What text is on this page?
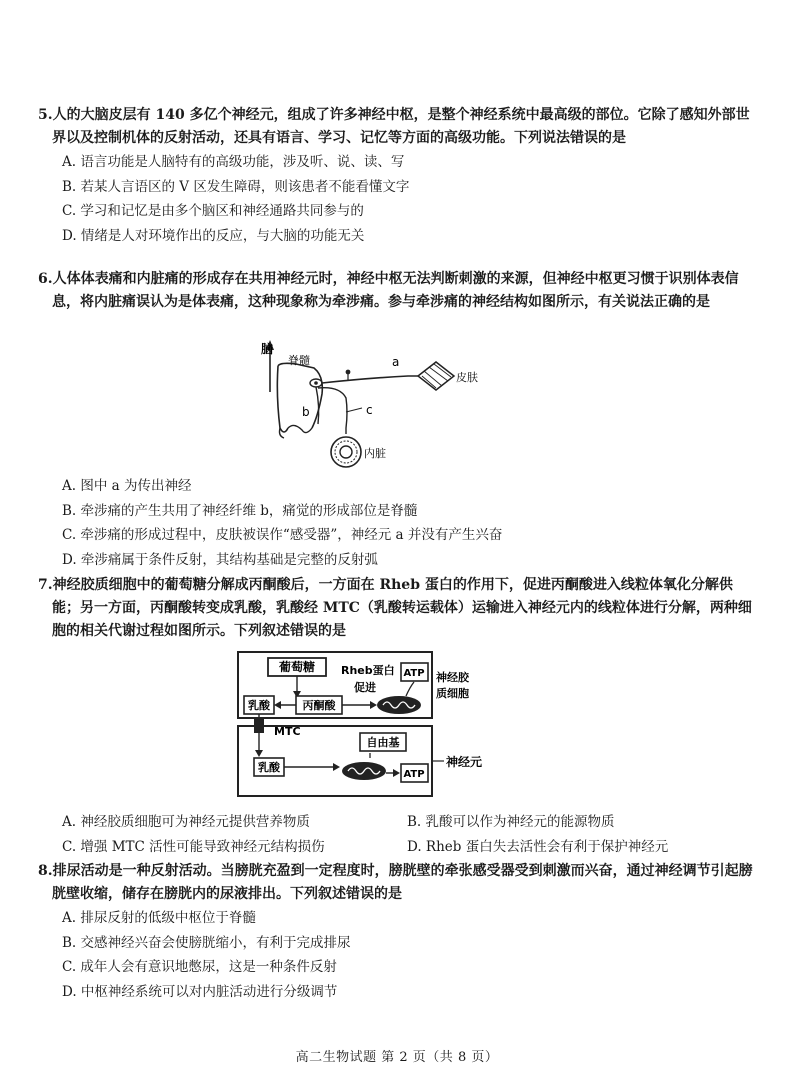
5.人的大脑皮层有 140 多亿个神经元，组成了许多神经中枢，是整个神经系统中最高级的部位。它除了感知外部世界以及控制机体的反射活动，还具有语言、学习、记忆等方面的高级功能。下列说法错误的是

A. 语言功能是人脑特有的高级功能，涉及听、说、读、写

B. 若某人言语区的 V 区发生障碍，则该患者不能看懂文字

C. 学习和记忆是由多个脑区和神经通路共同参与的

D. 情绪是人对环境作出的反应，与大脑的功能无关

6.人体体表痛和内脏痛的形成存在共用神经元时，神经中枢无法判断刺激的来源，但神经中枢更习惯于识别体表信息，将内脏痛误认为是体表痛，这种现象称为牵涉痛。参与牵涉痛的神经结构如图所示，有关说法正确的是

脑
脊髓	a
皮肤
b	c
内脏

A. 图中 a 为传出神经

B. 牵涉痛的产生共用了神经纤维 b，痛觉的形成部位是脊髓

C. 牵涉痛的形成过程中，皮肤被误作“感受器”，神经元 a 并没有产生兴奋

D. 牵涉痛属于条件反射，其结构基础是完整的反射弧

7.神经胶质细胞中的葡萄糖分解成丙酮酸后，一方面在 Rheb 蛋白的作用下，促进丙酮酸进入线粒体氧化分解供能；另一方面，丙酮酸转变成乳酸，乳酸经 MTC（乳酸转运载体）运输进入神经元内的线粒体进行分解，两种细胞的相关代谢过程如图所示。下列叙述错误的是

葡萄糖 Rheb蛋白
促进
ATP
乳酸	丙酮酸
神经胶
质细胞
MTC
乳酸
自由基
ATP
神经元
A. 神经胶质细胞可为神经元提供营养物质	B. 乳酸可以作为神经元的能源物质
C. 增强 MTC 活性可能导致神经元结构损伤	D. Rheb 蛋白失去活性会有利于保护神经元

8.排尿活动是一种反射活动。当膀胱充盈到一定程度时，膀胱壁的牵张感受器受到刺激而兴奋，通过神经调节引起膀胱壁收缩，储存在膀胱内的尿液排出。下列叙述错误的是

A. 排尿反射的低级中枢位于脊髓

B. 交感神经兴奋会使膀胱缩小，有利于完成排尿

C. 成年人会有意识地憋尿，这是一种条件反射

D. 中枢神经系统可以对内脏活动进行分级调节

高二生物试题 第 2 页（共 8 页）
